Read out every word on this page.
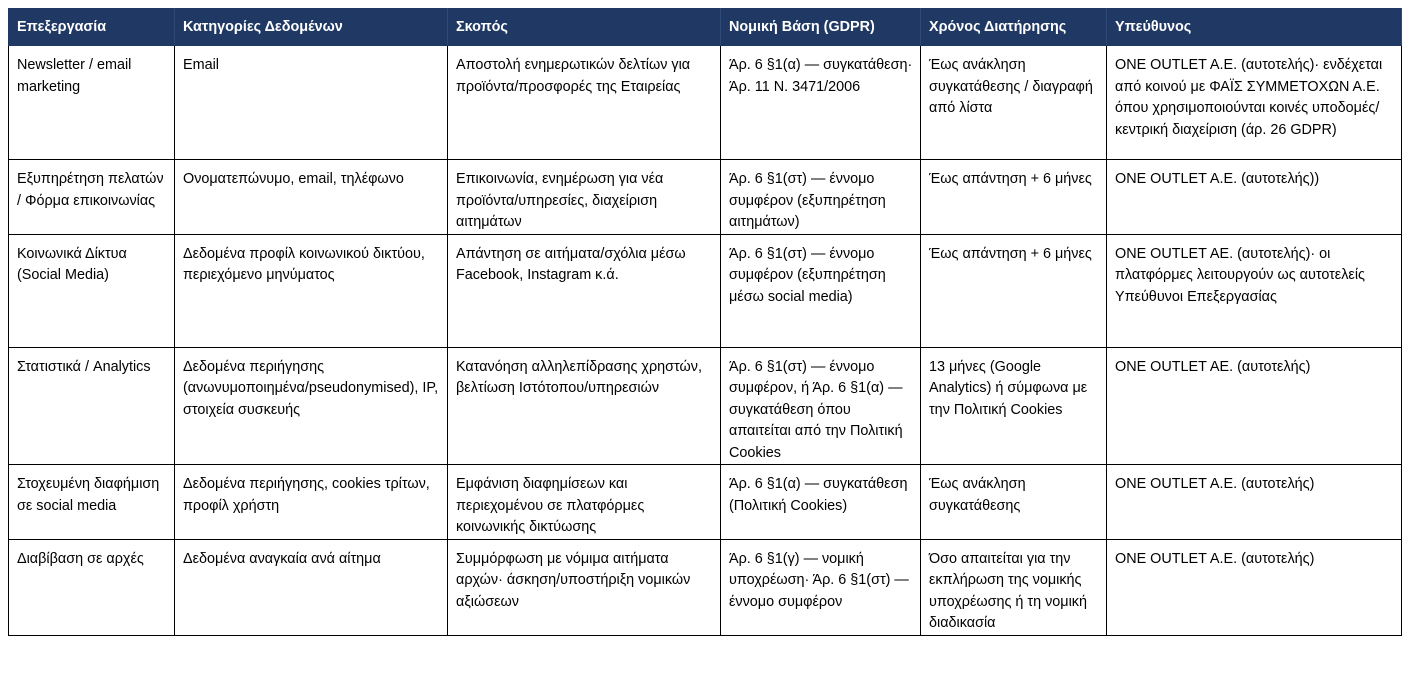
Επεξεργασία	Κατηγορίες Δεδομένων	Σκοπός	Νομική Βάση (GDPR)	Χρόνος Διατήρησης	Υπεύθυνος
Newsletter / email marketing	Email	Αποστολή ενημερωτικών δελτίων για προϊόντα/προσφορές της Εταιρείας	Άρ. 6 §1(α) — συγκατάθεση· Άρ. 11 Ν. 3471/2006	Έως ανάκληση συγκατάθεσης / διαγραφή από λίστα	ONE OUTLET A.E. (αυτοτελής)· ενδέχεται από κοινού με ΦΑΪΣ ΣΥΜΜΕΤΟΧΩΝ Α.Ε. όπου χρησιμοποιούνται κοινές υποδομές/κεντρική διαχείριση (άρ. 26 GDPR)
Εξυπηρέτηση πελατών / Φόρμα επικοινωνίας	Ονοματεπώνυμο, email, τηλέφωνο	Επικοινωνία, ενημέρωση για νέα προϊόντα/υπηρεσίες, διαχείριση αιτημάτων	Άρ. 6 §1(στ) — έννομο συμφέρον (εξυπηρέτηση αιτημάτων)	Έως απάντηση + 6 μήνες	ONE OUTLET A.E. (αυτοτελής))
Κοινωνικά Δίκτυα (Social Media)	Δεδομένα προφίλ κοινωνικού δικτύου, περιεχόμενο μηνύματος	Απάντηση σε αιτήματα/σχόλια μέσω Facebook, Instagram κ.ά.	Άρ. 6 §1(στ) — έννομο συμφέρον (εξυπηρέτηση μέσω social media)	Έως απάντηση + 6 μήνες	ONE OUTLET AE. (αυτοτελής)· οι πλατφόρμες λειτουργούν ως αυτοτελείς Υπεύθυνοι Επεξεργασίας
Στατιστικά / Analytics	Δεδομένα περιήγησης (ανωνυμοποιημένα/pseudonymised), IP, στοιχεία συσκευής	Κατανόηση αλληλεπίδρασης χρηστών, βελτίωση Ιστότοπου/υπηρεσιών	Άρ. 6 §1(στ) — έννομο συμφέρον, ή Άρ. 6 §1(α) — συγκατάθεση όπου απαιτείται από την Πολιτική Cookies	13 μήνες (Google Analytics) ή σύμφωνα με την Πολιτική Cookies	ONE OUTLET AE. (αυτοτελής)
Στοχευμένη διαφήμιση σε social media	Δεδομένα περιήγησης, cookies τρίτων, προφίλ χρήστη	Εμφάνιση διαφημίσεων και περιεχομένου σε πλατφόρμες κοινωνικής δικτύωσης	Άρ. 6 §1(α) — συγκατάθεση (Πολιτική Cookies)	Έως ανάκληση συγκατάθεσης	ONE OUTLET A.E. (αυτοτελής)
Διαβίβαση σε αρχές	Δεδομένα αναγκαία ανά αίτημα	Συμμόρφωση με νόμιμα αιτήματα αρχών· άσκηση/υποστήριξη νομικών αξιώσεων	Άρ. 6 §1(γ) — νομική υποχρέωση· Άρ. 6 §1(στ) — έννομο συμφέρον	Όσο απαιτείται για την εκπλήρωση της νομικής υποχρέωσης ή τη νομική διαδικασία	ONE OUTLET A.E. (αυτοτελής)
